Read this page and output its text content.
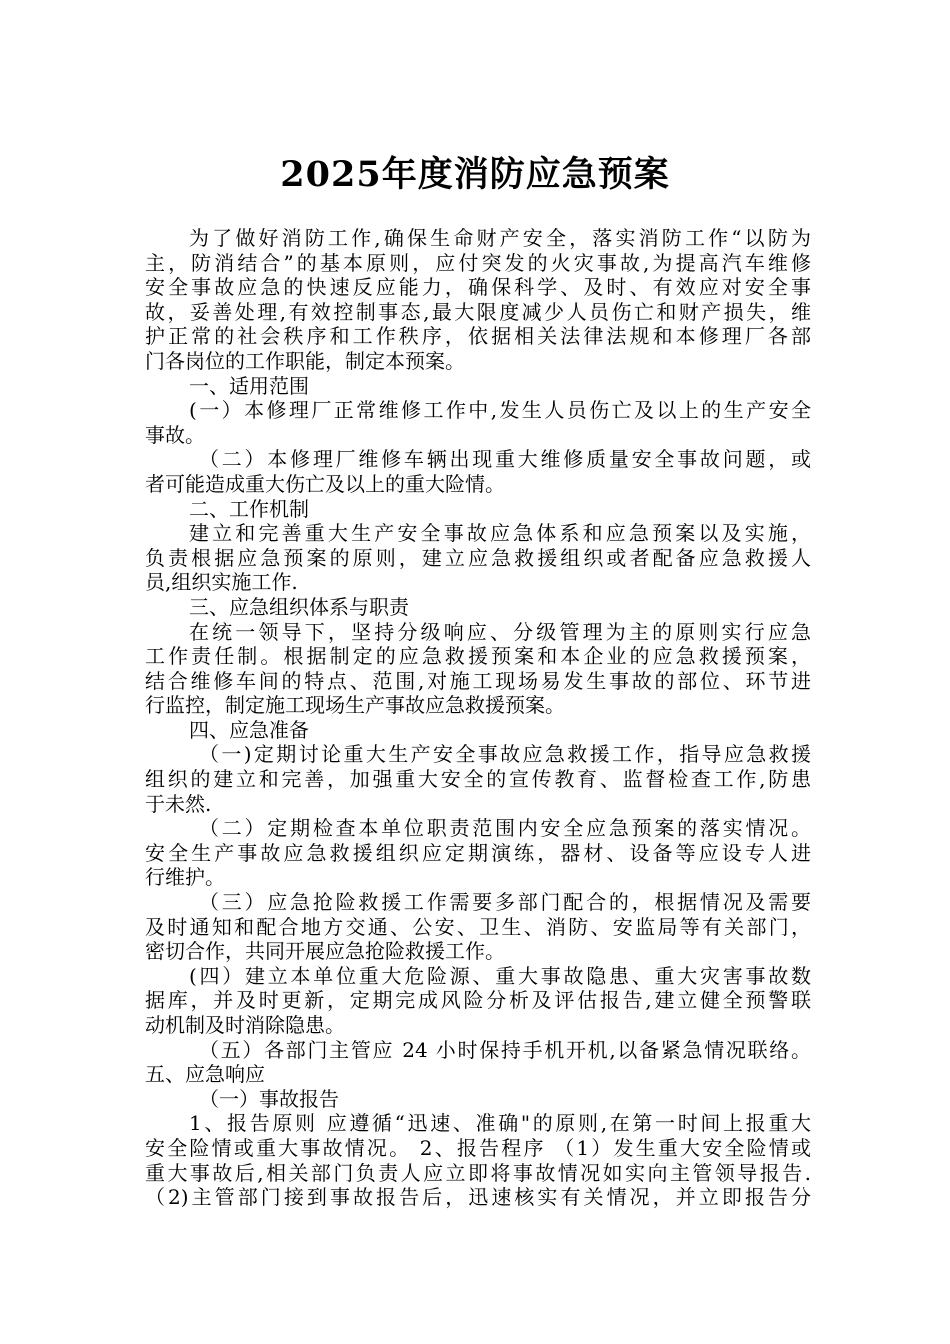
2025年度消防应急预案
为了做好消防工作,确保生命财产安全，落实消防工作“以防为
主，防消结合”的基本原则，应付突发的火灾事故,为提高汽车维修
安全事故应急的快速反应能力，确保科学、及时、有效应对安全事
故，妥善处理,有效控制事态,最大限度减少人员伤亡和财产损失，维
护正常的社会秩序和工作秩序，依据相关法律法规和本修理厂各部
门各岗位的工作职能，制定本预案。
一、适用范围
(一）本修理厂正常维修工作中,发生人员伤亡及以上的生产安全
事故。
（二）本修理厂维修车辆出现重大维修质量安全事故问题，或
者可能造成重大伤亡及以上的重大险情。
二、工作机制
建立和完善重大生产安全事故应急体系和应急预案以及实施，
负责根据应急预案的原则，建立应急救援组织或者配备应急救援人
员,组织实施工作.
三、应急组织体系与职责
在统一领导下，坚持分级响应、分级管理为主的原则实行应急
工作责任制。根据制定的应急救援预案和本企业的应急救援预案，
结合维修车间的特点、范围,对施工现场易发生事故的部位、环节进
行监控，制定施工现场生产事故应急救援预案。
四、应急准备
（一)定期讨论重大生产安全事故应急救援工作，指导应急救援
组织的建立和完善，加强重大安全的宣传教育、监督检查工作,防患
于未然.
（二）定期检查本单位职责范围内安全应急预案的落实情况。
安全生产事故应急救援组织应定期演练，器材、设备等应设专人进
行维护。
（三）应急抢险救援工作需要多部门配合的，根据情况及需要
及时通知和配合地方交通、公安、卫生、消防、安监局等有关部门，
密切合作，共同开展应急抢险救援工作。
(四）建立本单位重大危险源、重大事故隐患、重大灾害事故数
据库，并及时更新，定期完成风险分析及评估报告,建立健全预警联
动机制及时消除隐患。
（五）各部门主管应 24 小时保持手机开机,以备紧急情况联络。
五、应急响应
（一）事故报告
1、报告原则 应遵循“迅速、准确"的原则,在第一时间上报重大
安全险情或重大事故情况。 2、报告程序 （1）发生重大安全险情或
重大事故后,相关部门负责人应立即将事故情况如实向主管领导报告.
（2)主管部门接到事故报告后，迅速核实有关情况，并立即报告分
